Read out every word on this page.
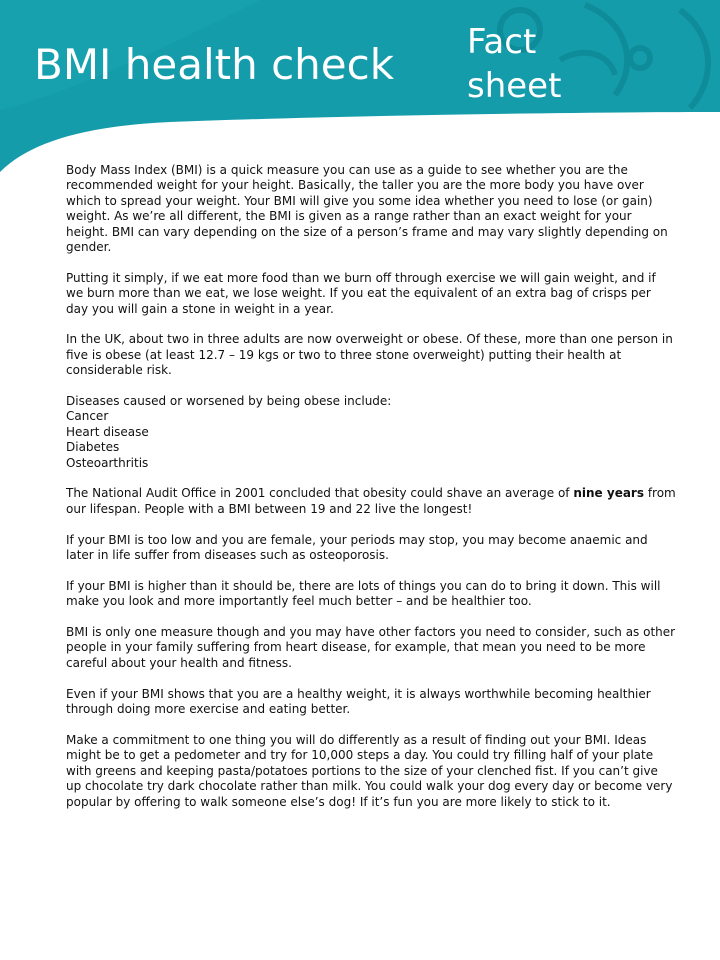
BMI health check Fact
sheet

Body Mass Index (BMI) is a quick measure you can use as a guide to see whether you are the recommended weight for your height. Basically, the taller you are the more body you have over which to spread your weight. Your BMI will give you some idea whether you need to lose (or gain) weight. As we’re all different, the BMI is given as a range rather than an exact weight for your height. BMI can vary depending on the size of a person’s frame and may vary slightly depending on gender.

Putting it simply, if we eat more food than we burn off through exercise we will gain weight, and if we burn more than we eat, we lose weight. If you eat the equivalent of an extra bag of crisps per day you will gain a stone in weight in a year.

In the UK, about two in three adults are now overweight or obese. Of these, more than one person in five is obese (at least 12.7 – 19 kgs or two to three stone overweight) putting their health at considerable risk.

Diseases caused or worsened by being obese include:
Cancer
Heart disease
Diabetes
Osteoarthritis

The National Audit Office in 2001 concluded that obesity could shave an average of nine years from our lifespan. People with a BMI between 19 and 22 live the longest!

If your BMI is too low and you are female, your periods may stop, you may become anaemic and later in life suffer from diseases such as osteoporosis.

If your BMI is higher than it should be, there are lots of things you can do to bring it down. This will make you look and more importantly feel much better – and be healthier too.

BMI is only one measure though and you may have other factors you need to consider, such as other people in your family suffering from heart disease, for example, that mean you need to be more careful about your health and fitness.

Even if your BMI shows that you are a healthy weight, it is always worthwhile becoming healthier through doing more exercise and eating better.

Make a commitment to one thing you will do differently as a result of finding out your BMI. Ideas might be to get a pedometer and try for 10,000 steps a day. You could try filling half of your plate with greens and keeping pasta/potatoes portions to the size of your clenched fist. If you can’t give up chocolate try dark chocolate rather than milk. You could walk your dog every day or become very popular by offering to walk someone else’s dog! If it’s fun you are more likely to stick to it.
